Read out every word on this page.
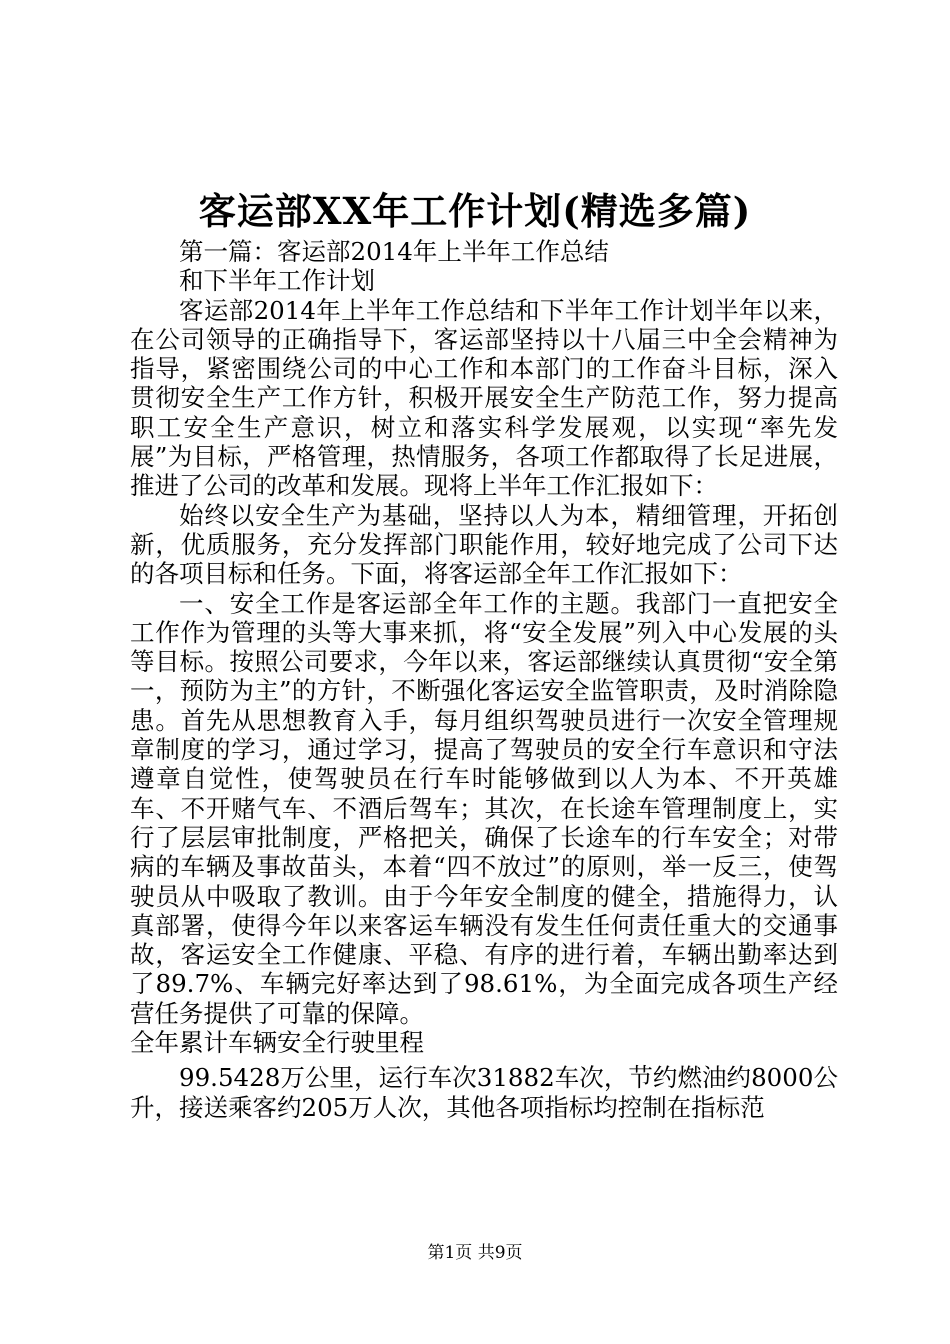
客运部XX年工作计划(精选多篇)

第一篇：客运部2014年上半年工作总结

和下半年工作计划

客运部2014年上半年工作总结和下半年工作计划半年以来，在公司领导的正确指导下，客运部坚持以十八届三中全会精神为指导，紧密围绕公司的中心工作和本部门的工作奋斗目标，深入贯彻安全生产工作方针，积极开展安全生产防范工作，努力提高职工安全生产意识，树立和落实科学发展观，以实现“率先发展”为目标，严格管理，热情服务，各项工作都取得了长足进展，推进了公司的改革和发展。现将上半年工作汇报如下：

始终以安全生产为基础，坚持以人为本，精细管理，开拓创新，优质服务，充分发挥部门职能作用，较好地完成了公司下达的各项目标和任务。下面，将客运部全年工作汇报如下：

一、安全工作是客运部全年工作的主题。我部门一直把安全工作作为管理的头等大事来抓，将“安全发展”列入中心发展的头等目标。按照公司要求，今年以来，客运部继续认真贯彻“安全第一，预防为主”的方针，不断强化客运安全监管职责，及时消除隐患。首先从思想教育入手，每月组织驾驶员进行一次安全管理规章制度的学习，通过学习，提高了驾驶员的安全行车意识和守法遵章自觉性，使驾驶员在行车时能够做到以人为本、不开英雄车、不开赌气车、不酒后驾车；其次，在长途车管理制度上，实行了层层审批制度，严格把关，确保了长途车的行车安全；对带病的车辆及事故苗头，本着“四不放过”的原则，举一反三，使驾驶员从中吸取了教训。由于今年安全制度的健全，措施得力，认真部署，使得今年以来客运车辆没有发生任何责任重大的交通事故，客运安全工作健康、平稳、有序的进行着，车辆出勤率达到了89.7%、车辆完好率达到了98.61%，为全面完成各项生产经营任务提供了可靠的保障。

全年累计车辆安全行驶里程

99.5428万公里，运行车次31882车次，节约燃油约8000公升，接送乘客约205万人次，其他各项指标均控制在指标范

第1页 共9页
